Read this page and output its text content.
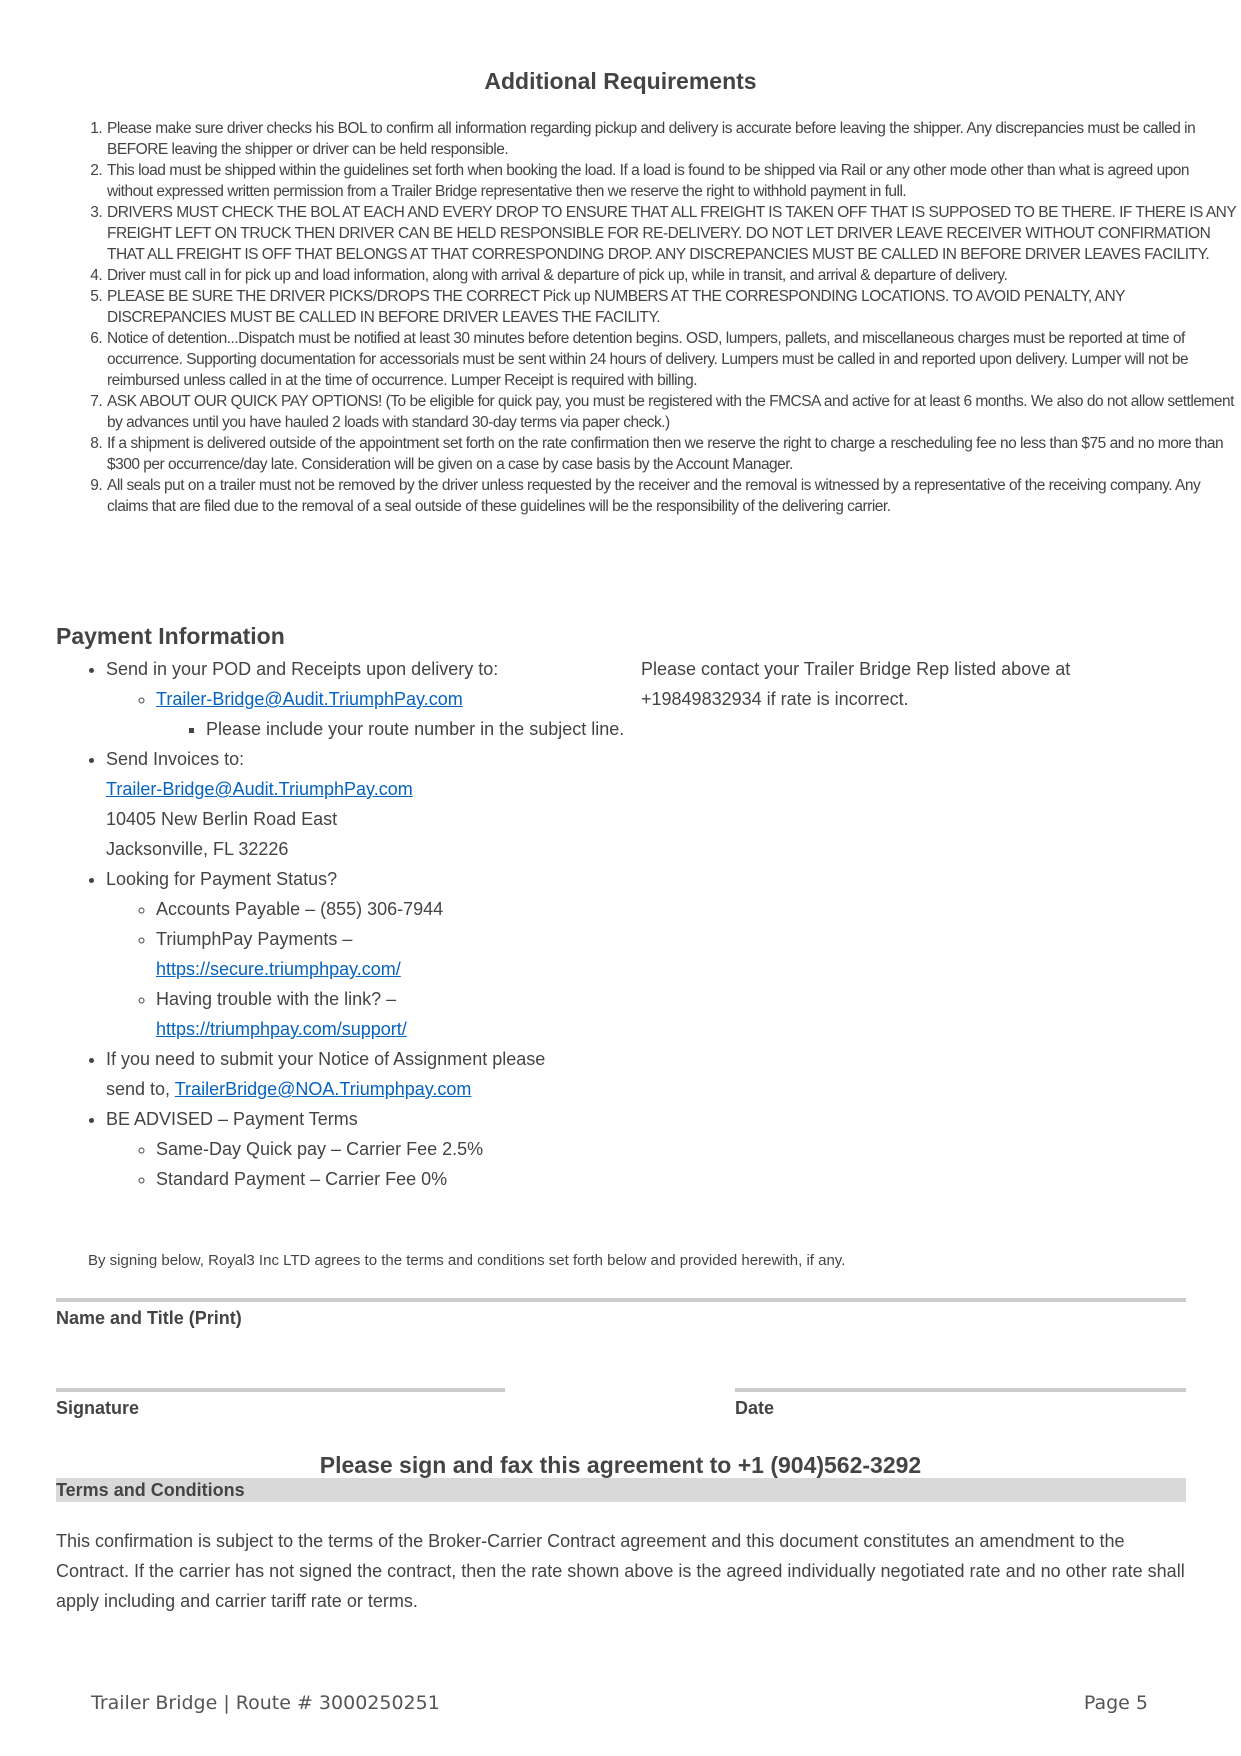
Additional Requirements
1. Please make sure driver checks his BOL to confirm all information regarding pickup and delivery is accurate before leaving the shipper. Any discrepancies must be called in BEFORE leaving the shipper or driver can be held responsible.
2. This load must be shipped within the guidelines set forth when booking the load. If a load is found to be shipped via Rail or any other mode other than what is agreed upon without expressed written permission from a Trailer Bridge representative then we reserve the right to withhold payment in full.
3. DRIVERS MUST CHECK THE BOL AT EACH AND EVERY DROP TO ENSURE THAT ALL FREIGHT IS TAKEN OFF THAT IS SUPPOSED TO BE THERE. IF THERE IS ANY FREIGHT LEFT ON TRUCK THEN DRIVER CAN BE HELD RESPONSIBLE FOR RE-DELIVERY. DO NOT LET DRIVER LEAVE RECEIVER WITHOUT CONFIRMATION THAT ALL FREIGHT IS OFF THAT BELONGS AT THAT CORRESPONDING DROP. ANY DISCREPANCIES MUST BE CALLED IN BEFORE DRIVER LEAVES FACILITY.
4. Driver must call in for pick up and load information, along with arrival & departure of pick up, while in transit, and arrival & departure of delivery.
5. PLEASE BE SURE THE DRIVER PICKS/DROPS THE CORRECT Pick up NUMBERS AT THE CORRESPONDING LOCATIONS. TO AVOID PENALTY, ANY DISCREPANCIES MUST BE CALLED IN BEFORE DRIVER LEAVES THE FACILITY.
6. Notice of detention...Dispatch must be notified at least 30 minutes before detention begins. OSD, lumpers, pallets, and miscellaneous charges must be reported at time of occurrence. Supporting documentation for accessorials must be sent within 24 hours of delivery. Lumpers must be called in and reported upon delivery. Lumper will not be reimbursed unless called in at the time of occurrence. Lumper Receipt is required with billing.
7. ASK ABOUT OUR QUICK PAY OPTIONS! (To be eligible for quick pay, you must be registered with the FMCSA and active for at least 6 months. We also do not allow settlement by advances until you have hauled 2 loads with standard 30-day terms via paper check.)
8. If a shipment is delivered outside of the appointment set forth on the rate confirmation then we reserve the right to charge a rescheduling fee no less than $75 and no more than $300 per occurrence/day late. Consideration will be given on a case by case basis by the Account Manager.
9. All seals put on a trailer must not be removed by the driver unless requested by the receiver and the removal is witnessed by a representative of the receiving company. Any claims that are filed due to the removal of a seal outside of these guidelines will be the responsibility of the delivering carrier.
Payment Information
• Send in your POD and Receipts upon delivery to:
◦ Trailer-Bridge@Audit.TriumphPay.com
▪ Please include your route number in the subject line.
• Send Invoices to:
Trailer-Bridge@Audit.TriumphPay.com
10405 New Berlin Road East
Jacksonville, FL 32226
• Looking for Payment Status?
◦ Accounts Payable – (855) 306-7944
◦ TriumphPay Payments –
https://secure.triumphpay.com/
◦ Having trouble with the link? –
https://triumphpay.com/support/
• If you need to submit your Notice of Assignment please
send to, TrailerBridge@NOA.Triumphpay.com
• BE ADVISED – Payment Terms
◦ Same-Day Quick pay – Carrier Fee 2.5%
◦ Standard Payment – Carrier Fee 0%
Please contact your Trailer Bridge Rep listed above at
+19849832934 if rate is incorrect.
By signing below, Royal3 Inc LTD agrees to the terms and conditions set forth below and provided herewith, if any.
Name and Title (Print)
Signature	Date
Please sign and fax this agreement to +1 (904)562-3292
Terms and Conditions
This confirmation is subject to the terms of the Broker-Carrier Contract agreement and this document constitutes an amendment to the Contract. If the carrier has not signed the contract, then the rate shown above is the agreed individually negotiated rate and no other rate shall apply including and carrier tariff rate or terms.
Trailer Bridge | Route # 3000250251	Page 5
